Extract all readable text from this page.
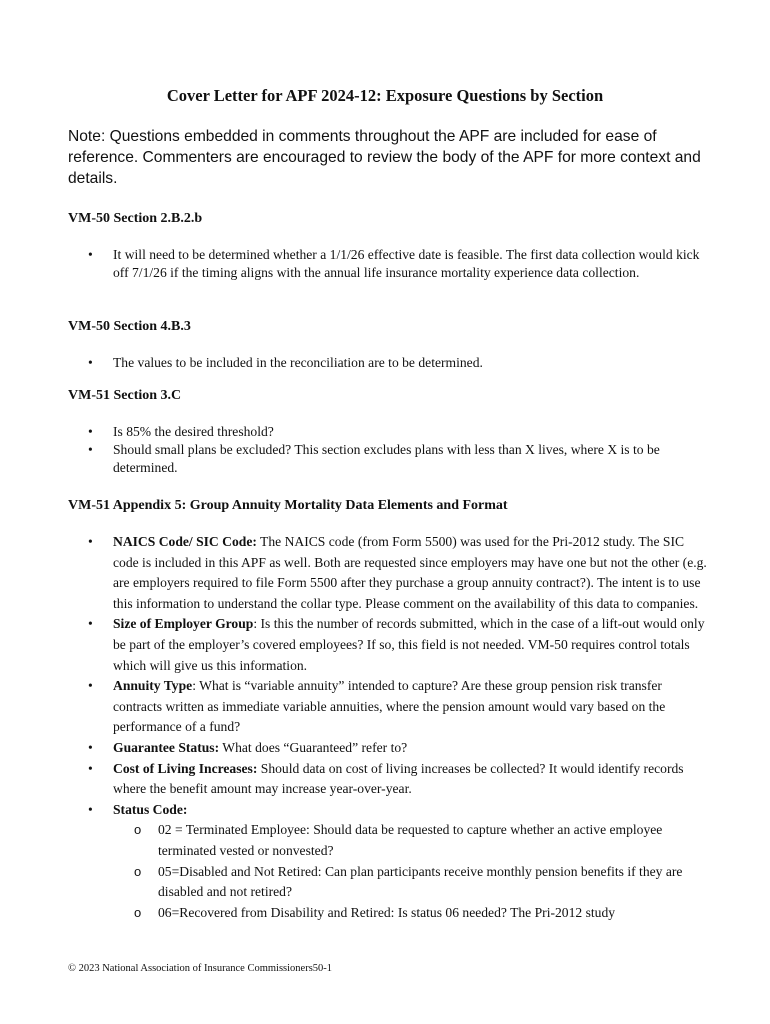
Cover Letter for APF 2024-12: Exposure Questions by Section
Note: Questions embedded in comments throughout the APF are included for ease of reference. Commenters are encouraged to review the body of the APF for more context and details.
VM-50 Section 2.B.2.b
• It will need to be determined whether a 1/1/26 effective date is feasible. The first data collection would kick off 7/1/26 if the timing aligns with the annual life insurance mortality experience data collection.
VM-50 Section 4.B.3
• The values to be included in the reconciliation are to be determined.
VM-51 Section 3.C
• Is 85% the desired threshold?
• Should small plans be excluded? This section excludes plans with less than X lives, where X is to be determined.
VM-51 Appendix 5: Group Annuity Mortality Data Elements and Format
• NAICS Code/ SIC Code: The NAICS code (from Form 5500) was used for the Pri-2012 study. The SIC code is included in this APF as well. Both are requested since employers may have one but not the other (e.g. are employers required to file Form 5500 after they purchase a group annuity contract?). The intent is to use this information to understand the collar type. Please comment on the availability of this data to companies.
• Size of Employer Group: Is this the number of records submitted, which in the case of a lift-out would only be part of the employer’s covered employees? If so, this field is not needed. VM-50 requires control totals which will give us this information.
• Annuity Type: What is “variable annuity” intended to capture? Are these group pension risk transfer contracts written as immediate variable annuities, where the pension amount would vary based on the performance of a fund?
• Guarantee Status: What does “Guaranteed” refer to?
• Cost of Living Increases: Should data on cost of living increases be collected? It would identify records where the benefit amount may increase year-over-year.
• Status Code:
o 02 = Terminated Employee: Should data be requested to capture whether an active employee terminated vested or nonvested?
o 05=Disabled and Not Retired: Can plan participants receive monthly pension benefits if they are disabled and not retired?
o 06=Recovered from Disability and Retired: Is status 06 needed? The Pri-2012 study
© 2023 National Association of Insurance Commissioners50-1
